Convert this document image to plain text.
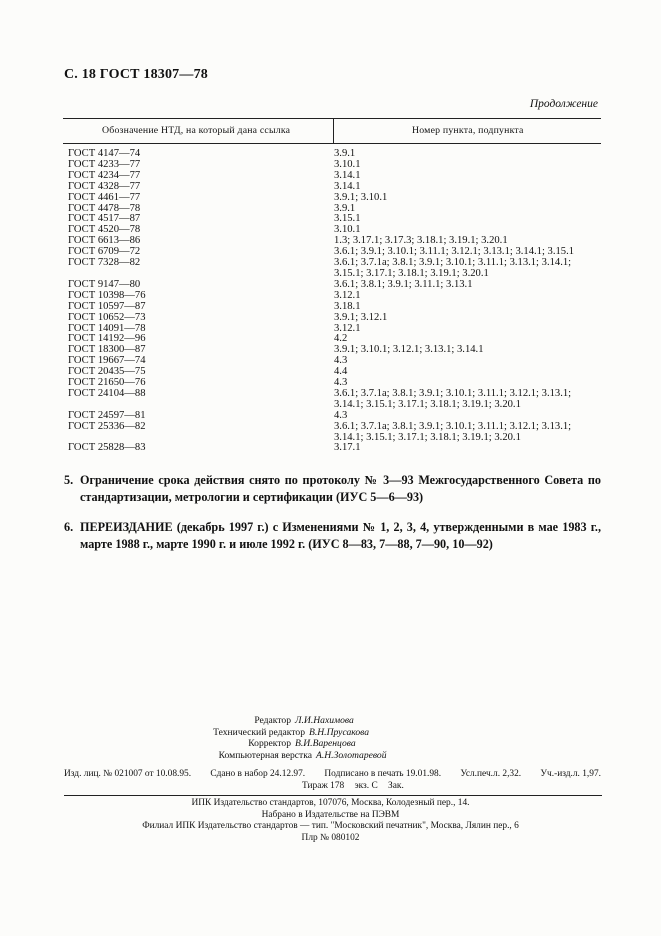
С. 18 ГОСТ 18307—78
Продолжение
Обозначение НТД, на который дана ссылка	Номер пункта, подпункта
ГОСТ 4147—74	3.9.1
ГОСТ 4233—77	3.10.1
ГОСТ 4234—77	3.14.1
ГОСТ 4328—77	3.14.1
ГОСТ 4461—77	3.9.1; 3.10.1
ГОСТ 4478—78	3.9.1
ГОСТ 4517—87	3.15.1
ГОСТ 4520—78	3.10.1
ГОСТ 6613—86	1.3; 3.17.1; 3.17.3; 3.18.1; 3.19.1; 3.20.1
ГОСТ 6709—72	3.6.1; 3.9.1; 3.10.1; 3.11.1; 3.12.1; 3.13.1; 3.14.1; 3.15.1
ГОСТ 7328—82	3.6.1; 3.7.1а; 3.8.1; 3.9.1; 3.10.1; 3.11.1; 3.13.1; 3.14.1;
3.15.1; 3.17.1; 3.18.1; 3.19.1; 3.20.1
ГОСТ 9147—80	3.6.1; 3.8.1; 3.9.1; 3.11.1; 3.13.1
ГОСТ 10398—76	3.12.1
ГОСТ 10597—87	3.18.1
ГОСТ 10652—73	3.9.1; 3.12.1
ГОСТ 14091—78	3.12.1
ГОСТ 14192—96	4.2
ГОСТ 18300—87	3.9.1; 3.10.1; 3.12.1; 3.13.1; 3.14.1
ГОСТ 19667—74	4.3
ГОСТ 20435—75	4.4
ГОСТ 21650—76	4.3
ГОСТ 24104—88	3.6.1; 3.7.1а; 3.8.1; 3.9.1; 3.10.1; 3.11.1; 3.12.1; 3.13.1;
3.14.1; 3.15.1; 3.17.1; 3.18.1; 3.19.1; 3.20.1
ГОСТ 24597—81	4.3
ГОСТ 25336—82	3.6.1; 3.7.1а; 3.8.1; 3.9.1; 3.10.1; 3.11.1; 3.12.1; 3.13.1;
3.14.1; 3.15.1; 3.17.1; 3.18.1; 3.19.1; 3.20.1
ГОСТ 25828—83	3.17.1
5. Ограничение срока действия снято по протоколу № 3—93 Межгосударственного Совета по стандартизации, метрологии и сертификации (ИУС 5—6—93)
6. ПЕРЕИЗДАНИЕ (декабрь 1997 г.) с Изменениями № 1, 2, 3, 4, утвержденными в мае 1983 г., марте 1988 г., марте 1990 г. и июле 1992 г. (ИУС 8—83, 7—88, 7—90, 10—92)
Редактор Л.И.Нахимова
Технический редактор В.Н.Прусакова
Корректор В.И.Варенцова
Компьютерная верстка А.Н.Золотаревой
Изд. лиц. № 021007 от 10.08.95. Сдано в набор 24.12.97. Подписано в печать 19.01.98. Усл.печ.л. 2,32. Уч.-изд.л. 1,97.
Тираж 178 экз. С Зак.
ИПК Издательство стандартов, 107076, Москва, Колодезный пер., 14.
Набрано в Издательстве на ПЭВМ
Филиал ИПК Издательство стандартов — тип. "Московский печатник", Москва, Лялин пер., 6
Плр № 080102
